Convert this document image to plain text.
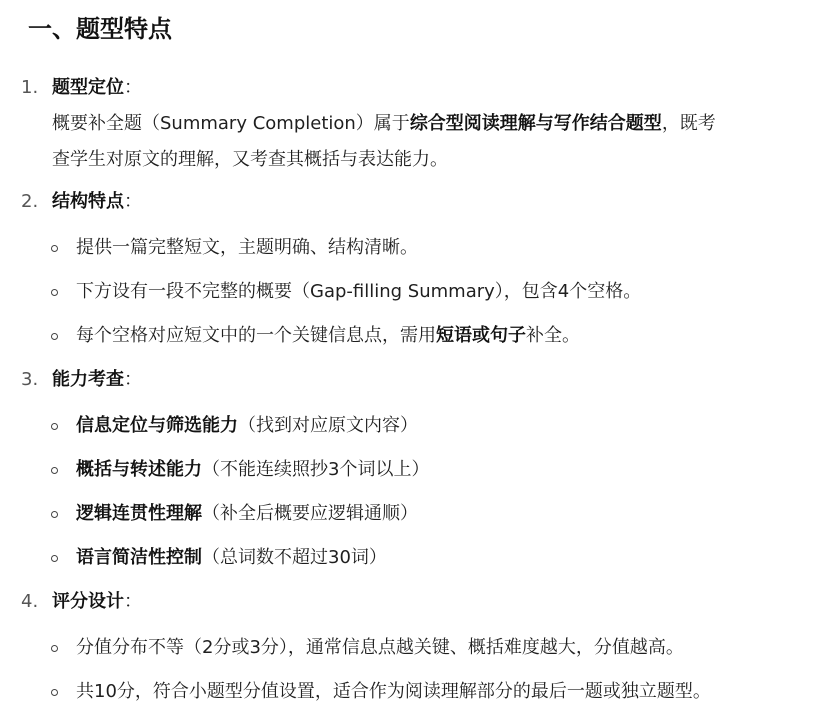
一、题型特点
1. 题型定位：
概要补全题（Summary Completion）属于综合型阅读理解与写作结合题型，既考
查学生对原文的理解，又考查其概括与表达能力。
2. 结构特点：
提供一篇完整短文，主题明确、结构清晰。
下方设有一段不完整的概要（Gap-filling Summary），包含4个空格。
每个空格对应短文中的一个关键信息点，需用短语或句子补全。
3. 能力考查：
信息定位与筛选能力（找到对应原文内容）
概括与转述能力（不能连续照抄3个词以上）
逻辑连贯性理解（补全后概要应逻辑通顺）
语言简洁性控制（总词数不超过30词）
4. 评分设计：
分值分布不等（2分或3分），通常信息点越关键、概括难度越大，分值越高。
共10分，符合小题型分值设置，适合作为阅读理解部分的最后一题或独立题型。
